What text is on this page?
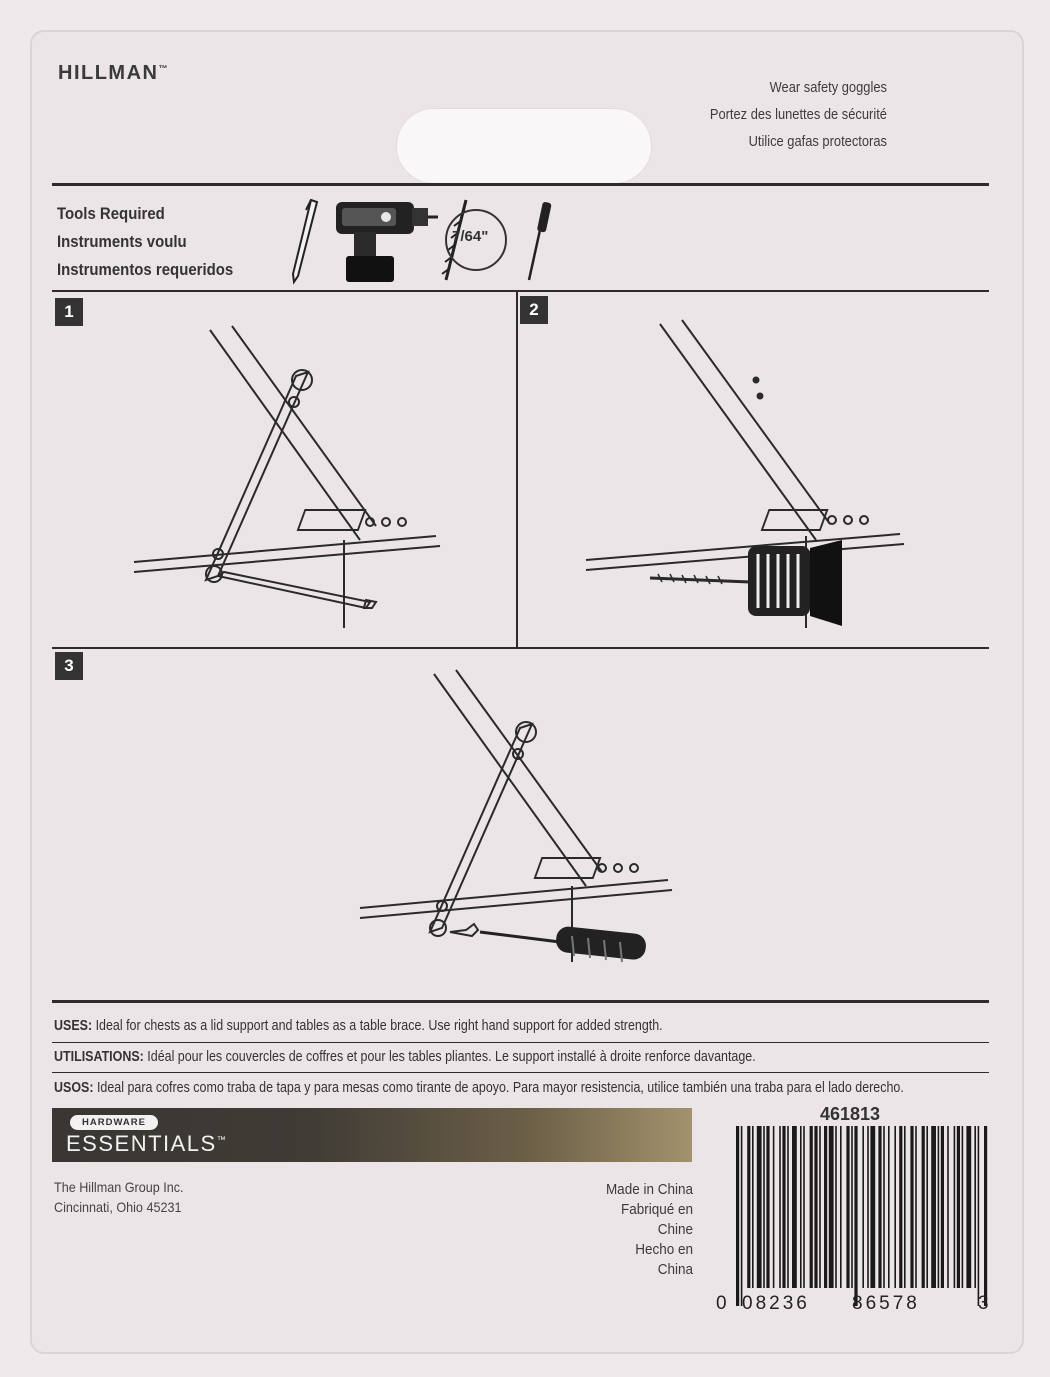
HILLMAN™
Wear safety goggles
Portez des lunettes de sécurité
Utilice gafas protectoras
Tools Required
Instruments voulu
Instrumentos requeridos
7/64"
1	2
3
USES: Ideal for chests as a lid support and tables as a table brace. Use right hand support for added strength.
UTILISATIONS: Idéal pour les couvercles de coffres et pour les tables pliantes. Le support installé à droite renforce davantage.
USOS: Ideal para cofres como traba de tapa y para mesas como tirante de apoyo. Para mayor resistencia, utilice también una traba para el lado derecho.
HARDWARE
ESSENTIALS™
The Hillman Group Inc.
Cincinnati, Ohio 45231
Made in China
Fabriqué en Chine
Hecho en China
461813
0 08236 86578	3
